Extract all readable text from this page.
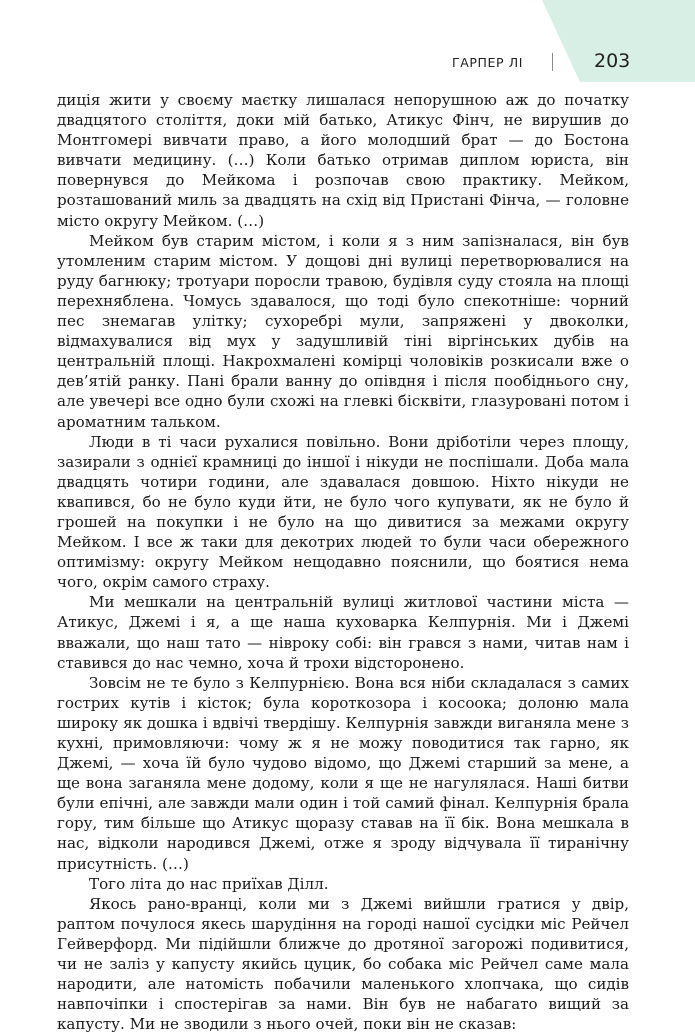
ГАРПЕР ЛІ	203

диція жити у своєму маєтку лишалася непорушною аж до початку двадцятого століття, доки мій батько, Атикус Фінч, не вирушив до Монтгомері вивчати право, а його молодший брат — до Бостона вивчати медицину. (…) Коли батько отримав диплом юриста, він повернувся до Мейкома і розпочав свою практику. Мейком, розташований миль за двадцять на схід від Пристані Фінча, — головне місто округу Мейком. (…)

Мейком був старим містом, і коли я з ним запізналася, він був утомленим старим містом. У дощові дні вулиці перетворювалися на руду багнюку; тротуари поросли травою, будівля суду стояла на площі перехнябленa. Чомусь здавалося, що тоді було спекотніше: чорний пес знемагав улітку; сухоребрі мули, запряжені у двоколки, відмахувалися від мух у задушливій тіні віргінських дубів на центральній площі. Накрохмалені комірці чоловіків розкисали вже о дев’ятій ранку. Пані брали ванну до опівдня і після пообіднього сну, але увечері все одно були схожі на глевкі бісквіти, глазуровані потом і ароматним тальком.

Люди в ті часи рухалися повільно. Вони дріботіли через площу, зазирали з однієї крамниці до іншої і нікуди не поспішали. Доба мала двадцять чотири години, але здавалася довшою. Ніхто нікуди не квапився, бо не було куди йти, не було чого купувати, як не було й грошей на покупки і не було на що дивитися за межами округу Мейком. І все ж таки для декотрих людей то були часи обережного оптимізму: округу Мейком нещодавно пояснили, що боятися нема чого, окрім самого страху.

Ми мешкали на центральній вулиці житлової частини міста — Атикус, Джемі і я, а ще наша куховарка Келпурнія. Ми і Джемі вважали, що наш тато — нівроку собі: він грався з нами, читав нам і ставився до нас чемно, хоча й трохи відсторонено.

Зовсім не те було з Келпурнією. Вона вся ніби складалася з самих гострих кутів і кісток; була короткозора і косоока; долоню мала широку як дошка і вдвічі твердішу. Келпурнія завжди виганяла мене з кухні, примовляючи: чому ж я не можу поводитися так гарно, як Джемі, — хоча їй було чудово відомо, що Джемі старший за мене, а ще вона заганяла мене додому, коли я ще не нагулялася. Наші битви були епічні, але завжди мали один і той самий фінал. Келпурнія брала гору, тим більше що Атикус щоразу ставав на її бік. Вона мешкала в нас, відколи народився Джемі, отже я зроду відчувала її тиранічну присутність. (…)

Того літа до нас приїхав Ділл.

Якось рано-вранці, коли ми з Джемі вийшли гратися у двір, раптом почулося якесь шарудіння на городі нашої сусідки міс Рейчел Гейверфорд. Ми підійшли ближче до дротяної загорожі подивитися, чи не заліз у капусту якийсь цуцик, бо собака міс Рейчел саме мала народити, але натомість побачили маленького хлопчака, що сидів навпочіпки і спостерігав за нами. Він був не набагато вищий за капусту. Ми не зводили з нього очей, поки він не сказав:
